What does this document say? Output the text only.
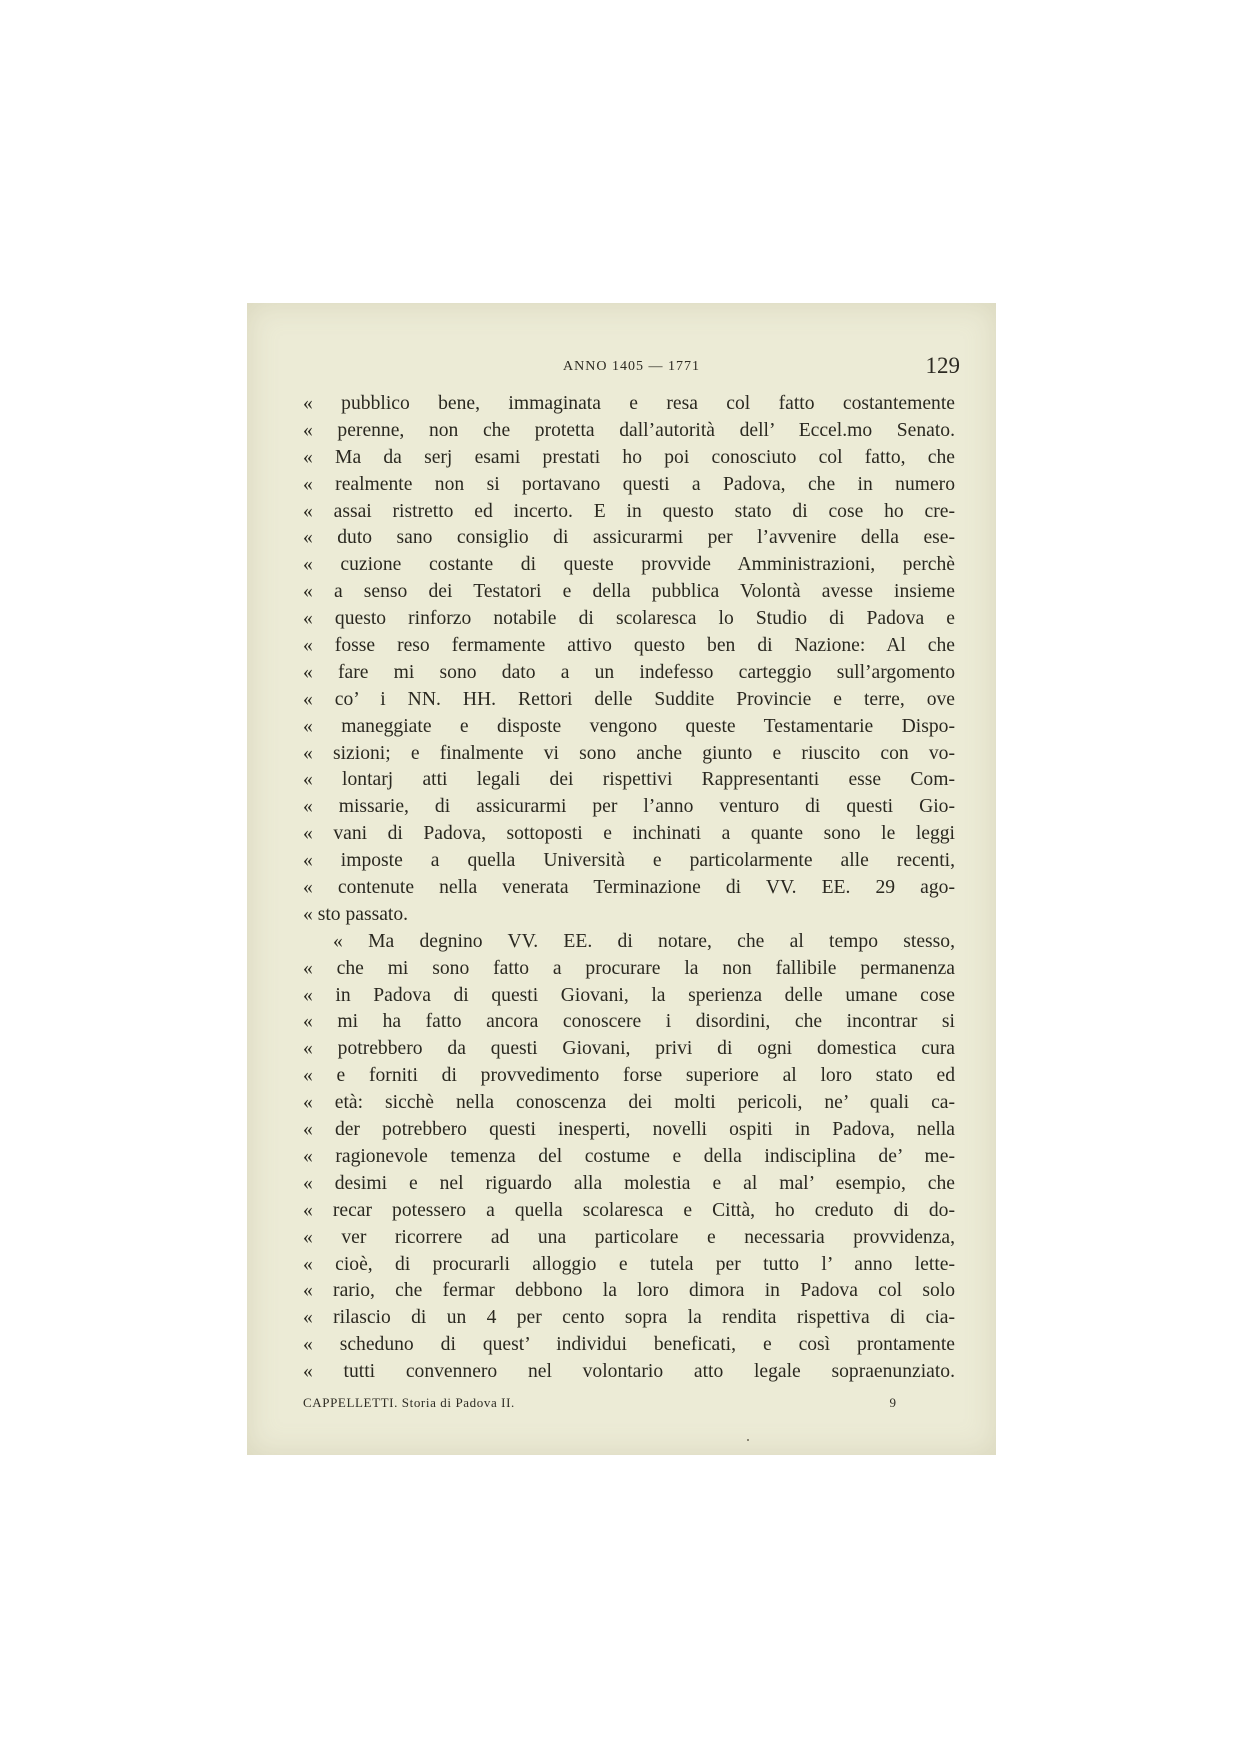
ANNO 1405 — 1771	129
« pubblico bene, immaginata e resa col fatto costantemente
« perenne, non che protetta dall’autorità dell’ Eccel.mo Senato.
« Ma da serj esami prestati ho poi conosciuto col fatto, che
« realmente non si portavano questi a Padova, che in numero
« assai ristretto ed incerto. E in questo stato di cose ho cre-
« duto sano consiglio di assicurarmi per l’avvenire della ese-
« cuzione costante di queste provvide Amministrazioni, perchè
« a senso dei Testatori e della pubblica Volontà avesse insieme
« questo rinforzo notabile di scolaresca lo Studio di Padova e
« fosse reso fermamente attivo questo ben di Nazione: Al che
« fare mi sono dato a un indefesso carteggio sull’argomento
« co’ i NN. HH. Rettori delle Suddite Provincie e terre, ove
« maneggiate e disposte vengono queste Testamentarie Dispo-
« sizioni; e finalmente vi sono anche giunto e riuscito con vo-
« lontarj atti legali dei rispettivi Rappresentanti esse Com-
« missarie, di assicurarmi per l’anno venturo di questi Gio-
« vani di Padova, sottoposti e inchinati a quante sono le leggi
« imposte a quella Università e particolarmente alle recenti,
« contenute nella venerata Terminazione di VV. EE. 29 ago-
« sto passato.
« Ma degnino VV. EE. di notare, che al tempo stesso,
« che mi sono fatto a procurare la non fallibile permanenza
« in Padova di questi Giovani, la sperienza delle umane cose
« mi ha fatto ancora conoscere i disordini, che incontrar si
« potrebbero da questi Giovani, privi di ogni domestica cura
« e forniti di provvedimento forse superiore al loro stato ed
« età: sicchè nella conoscenza dei molti pericoli, ne’ quali ca-
« der potrebbero questi inesperti, novelli ospiti in Padova, nella
« ragionevole temenza del costume e della indisciplina de’ me-
« desimi e nel riguardo alla molestia e al mal’ esempio, che
« recar potessero a quella scolaresca e Città, ho creduto di do-
« ver ricorrere ad una particolare e necessaria provvidenza,
« cioè, di procurarli alloggio e tutela per tutto l’ anno lette-
« rario, che fermar debbono la loro dimora in Padova col solo
« rilascio di un 4 per cento sopra la rendita rispettiva di cia-
« scheduno di quest’ individui beneficati, e così prontamente
« tutti convennero nel volontario atto legale sopraenunziato.
CAPPELLETTI. Storia di Padova II.	9
